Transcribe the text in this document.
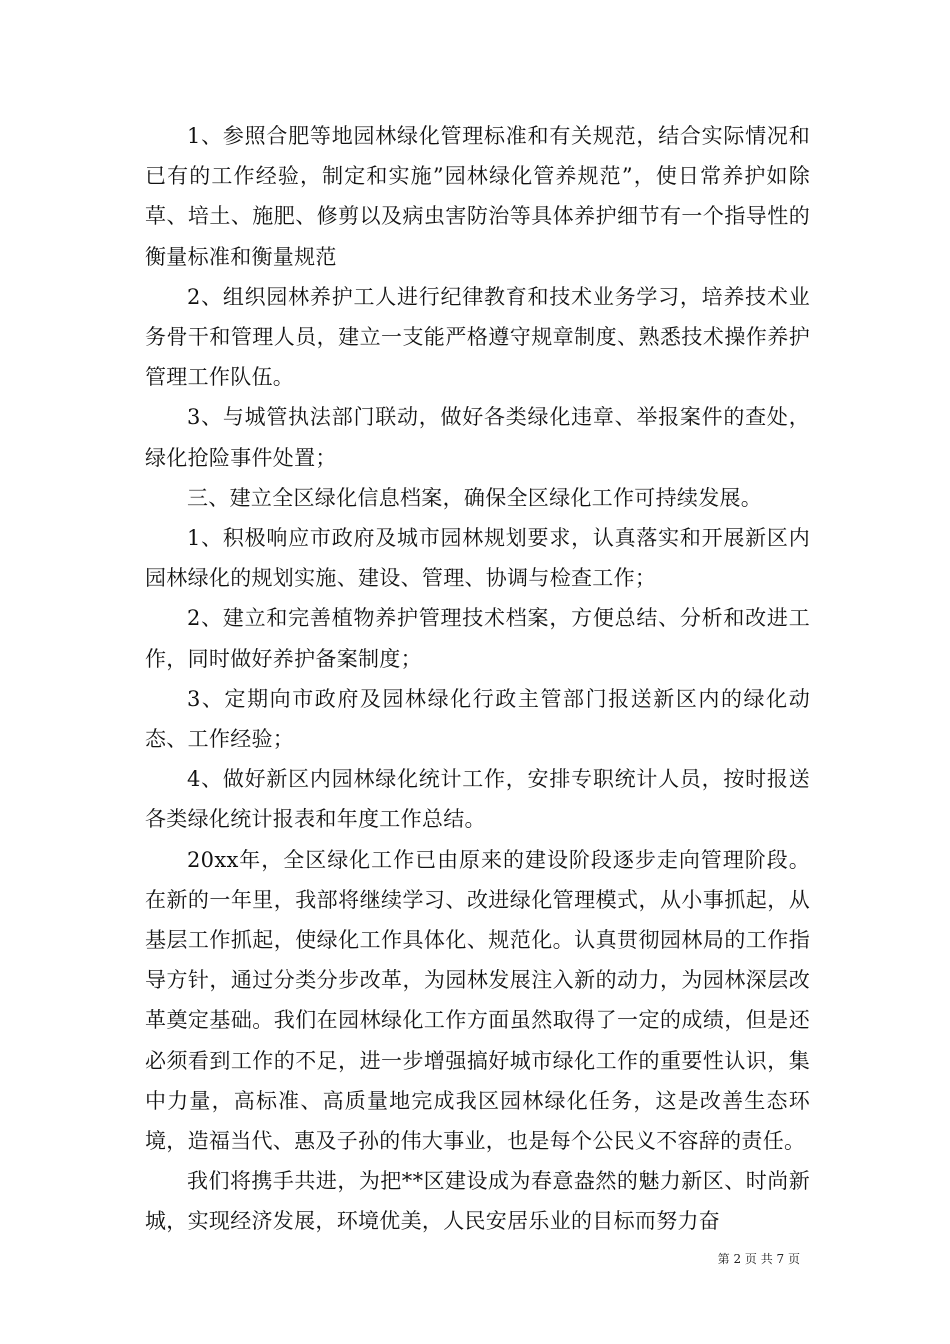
1、参照合肥等地园林绿化管理标准和有关规范，结合实际情况和已有的工作经验，制定和实施”园林绿化管养规范”，使日常养护如除草、培土、施肥、修剪以及病虫害防治等具体养护细节有一个指导性的衡量标准和衡量规范

2、组织园林养护工人进行纪律教育和技术业务学习，培养技术业务骨干和管理人员，建立一支能严格遵守规章制度、熟悉技术操作养护管理工作队伍。

3、与城管执法部门联动，做好各类绿化违章、举报案件的查处，绿化抢险事件处置；

三、建立全区绿化信息档案，确保全区绿化工作可持续发展。

1、积极响应市政府及城市园林规划要求，认真落实和开展新区内园林绿化的规划实施、建设、管理、协调与检查工作；

2、建立和完善植物养护管理技术档案，方便总结、分析和改进工作，同时做好养护备案制度；

3、定期向市政府及园林绿化行政主管部门报送新区内的绿化动态、工作经验；

4、做好新区内园林绿化统计工作，安排专职统计人员，按时报送各类绿化统计报表和年度工作总结。

20xx年，全区绿化工作已由原来的建设阶段逐步走向管理阶段。在新的一年里，我部将继续学习、改进绿化管理模式，从小事抓起，从基层工作抓起，使绿化工作具体化、规范化。认真贯彻园林局的工作指导方针，通过分类分步改革，为园林发展注入新的动力，为园林深层改革奠定基础。我们在园林绿化工作方面虽然取得了一定的成绩，但是还必须看到工作的不足，进一步增强搞好城市绿化工作的重要性认识，集中力量，高标准、高质量地完成我区园林绿化任务，这是改善生态环境，造福当代、惠及子孙的伟大事业，也是每个公民义不容辞的责任。

我们将携手共进，为把**区建设成为春意盎然的魅力新区、时尚新城，实现经济发展，环境优美，人民安居乐业的目标而努力奋

第 2 页 共 7 页
